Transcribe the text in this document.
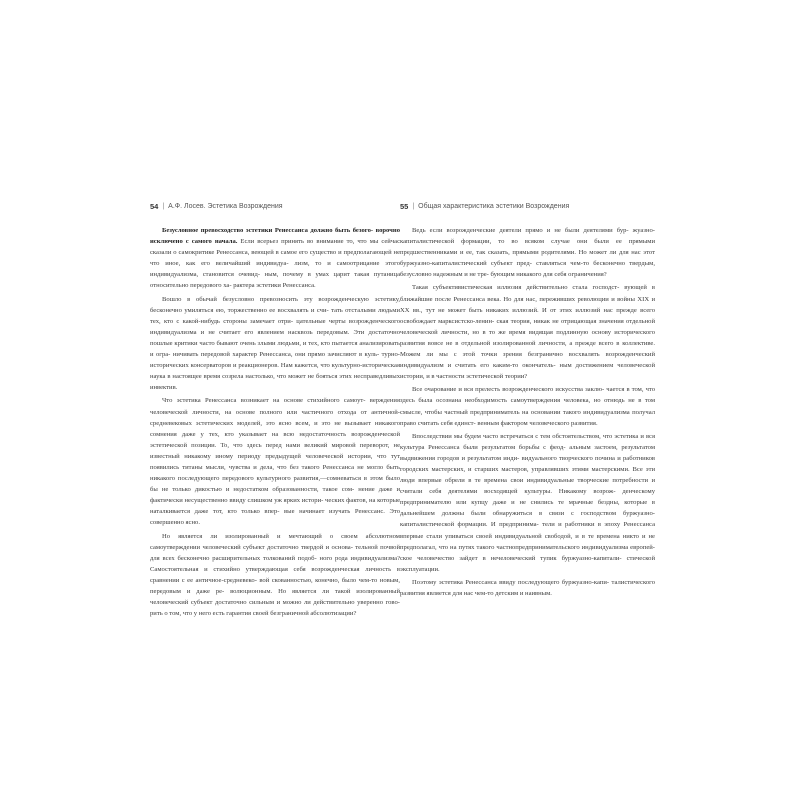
54 | А.Ф. Лосев. Эстетика Возрождения

Безусловное превосходство эстетики Ренессанса должно быть безого- ворочно исключено с самого начала. Если всерьез принять во внимание то, что мы сейчас сказали о самокритике Ренессанса, веющей в самое его существо и предполагающей не что иное, как его величайший индивидуа- лизм, то и самоотрицание этого индивидуализма, становится очевид- ным, почему в умах царит такая путаница относительно передового ха- рактера эстетики Ренессанса.

Вошло в обычай безусловно превозносить эту возрожденческую эстетику, бесконечно умиляться ею, торжественно ее восхвалять и счи- тать отсталыми людьми тех, кто с какой-нибудь стороны замечает отри- цательные черты возрожденческого индивидуализма и не считает его явлением насквозь передовым. Эти достаточно пошлые критики часто бывают очень злыми людьми, и тех, кто пытается анализировать и огра- ничивать передовой характер Ренессанса, они прямо зачисляют в куль- турно-исторических консерваторов и реакционеров. Нам кажется, что культурно-историческая наука в настоящее время созрела настолько, что может не бояться этих несправедливых инвектив.

Что эстетика Ренессанса возникает на основе стихийного самоут- верждения человеческой личности, на основе полного или частичного отхода от античной-средневековых эстетических моделей, это ясно всем, и это не вызывает никакого сомнения даже у тех, кто указывает на всю недостаточность возрожденческой эстетической позиции. То, что здесь перед нами великий мировой переворот, не известный никакому иному периоду предыдущей человеческой истории, что тут появились титаны мысли, чувства и дела, что без такого Ренессанса не могло быть никакого последующего передового культурного развития,—сомневаться в этом было бы не только дикостью и недостатком образованности, такое сом- нение даже и фактически несущественно ввиду слишком уж ярких истори- ческих фактов, на которые наталкивается даже тот, кто только впер- вые начинает изучать Ренессанс. Это совершенно ясно.

Но является ли изолированный и мечтающий о своем абсолютном самоутверждении человеческий субъект достаточно твердой и основа- тельной почвой для всех бесконечно расширительных толкований подоб- ного рода индивидуализма? Самостоятельная и стихийно утверждающая себя возрожденческая личность в сравнении с ее античное-средневеко- вой скованностью, конечно, было чем-то новым, передовым и даже ре- волюционным. Но является ли такой изолированный человеческий субъект достаточно сильным и можно ли действительно уверенно гово- рить о том, что у него есть гарантия своей безграничной абсолютизации?

55 | Общая характеристика эстетики Возрождения

Ведь если возрожденческие деятели прямо и не были деятелями бур- жуазно-капиталистической формации, то во всяком случае они были ее прямыми предшественниками и ее, так сказать, прямыми родителями. Но может ли для нас этот буржуазно-капиталистический субъект пред- ставляться чем-то бесконечно твердым, безусловно надежным и не тре- бующим никакого для себя ограничения?

Такая субъективистическая иллюзия действительно стала господст- вующей в ближайшие после Ренессанса века. Но для нас, переживших революции и войны XIX и XX вв., тут не может быть никаких иллюзий. И от этих иллюзий нас прежде всего освобождает марксистско-ленин- ская теория, никак не отрицающая значения отдельной человеческой личности, но в то же время видящая подлинную основу исторического развития вовсе не в отдельной изолированной личности, а прежде всего в коллективе. Можем ли мы с этой точки зрения безгранично восхвалять возрожденческий индивидуализм и считать его каким-то окончатель- ным достижением человеческой истории, и в частности эстетической теории?

Все очарование и вся прелесть возрожденческого искусства заклю- чается в том, что здесь была осознана необходимость самоутверждения человека, но отнюдь не в том смысле, чтобы частный предприниматель на основании такого индивидуализма получал право считать себя единст- венным фактором человеческого развития.

Впоследствии мы будем часто встречаться с тем обстоятельством, что эстетика и вся культура Ренессанса были результатом борьбы с феод- альным застоем, результатом выдвижения городов и результатом инди- видуального творческого почина и работников городских мастерских, и старших мастеров, управлявших этими мастерскими. Все эти люди впервые обрели в те времена свои индивидуальные творческие потребности и считали себя деятелями восходящей культуры. Никакому возрож- денческому предпринимателю или купцу даже и не снились те мрачные бездны, которые в дальнейшем должны были обнаружиться в связи с господством буржуазно-капиталистической формации. И предпринима- тели и работники в эпоху Ренессанса впервые стали упиваться своей индивидуальной свободой, и в те времена никто и не предполагал, что на путях такого частнопредпринимательского индивидуализма европей- ское человечество зайдет в нечеловеческий тупик буржуазно-капитали- стической эксплуатации.

Поэтому эстетика Ренессанса ввиду последующего буржуазно-капи- талистического развития является для нас чем-то детским и наивным.
